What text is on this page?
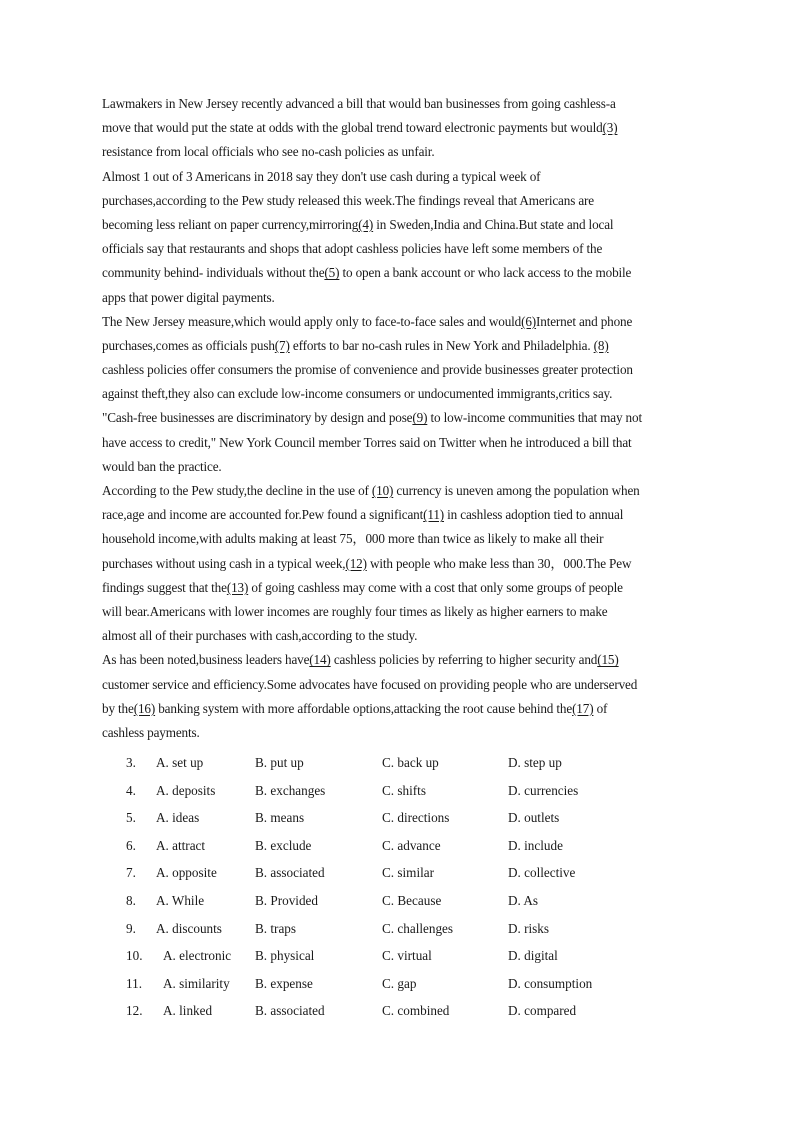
Lawmakers in New Jersey recently advanced a bill that would ban businesses from going cashless-a
move that would put the state at odds with the global trend toward electronic payments but would(3)
resistance from local officials who see no-cash policies as unfair.
Almost 1 out of 3 Americans in 2018 say they don't use cash during a typical week of
purchases,according to the Pew study released this week.The findings reveal that Americans are
becoming less reliant on paper currency,mirroring(4) in Sweden,India and China.But state and local
officials say that restaurants and shops that adopt cashless policies have left some members of the
community behind- individuals without the(5) to open a bank account or who lack access to the mobile
apps that power digital payments.
The New Jersey measure,which would apply only to face-to-face sales and would(6)Internet and phone
purchases,comes as officials push(7) efforts to bar no-cash rules in New York and Philadelphia. (8)
cashless policies offer consumers the promise of convenience and provide businesses greater protection
against theft,they also can exclude low-income consumers or undocumented immigrants,critics say.
"Cash-free businesses are discriminatory by design and pose(9) to low-income communities that may not
have access to credit," New York Council member Torres said on Twitter when he introduced a bill that
would ban the practice.
According to the Pew study,the decline in the use of (10) currency is uneven among the population when
race,age and income are accounted for.Pew found a significant(11) in cashless adoption tied to annual
household income,with adults making at least 75，000 more than twice as likely to make all their
purchases without using cash in a typical week,(12) with people who make less than 30，000.The Pew
findings suggest that the(13) of going cashless may come with a cost that only some groups of people
will bear.Americans with lower incomes are roughly four times as likely as higher earners to make
almost all of their purchases with cash,according to the study.
As has been noted,business leaders have(14) cashless policies by referring to higher security and(15)
customer service and efficiency.Some advocates have focused on providing people who are underserved
by the(16) banking system with more affordable options,attacking the root cause behind the(17) of
cashless payments.
3. A. set up	B. put up	C. back up	D. step up
4. A. deposits	B. exchanges	C. shifts	D. currencies
5. A. ideas	B. means	C. directions	D. outlets
6. A. attract	B. exclude	C. advance	D. include
7. A. opposite	B. associated	C. similar	D. collective
8. A. While	B. Provided	C. Because	D. As
9. A. discounts	B. traps	C. challenges	D. risks
10. A. electronic B. physical	C. virtual	D. digital
11. A. similarity B. expense	C. gap	D. consumption
12. A. linked	B. associated	C. combined	D. compared
